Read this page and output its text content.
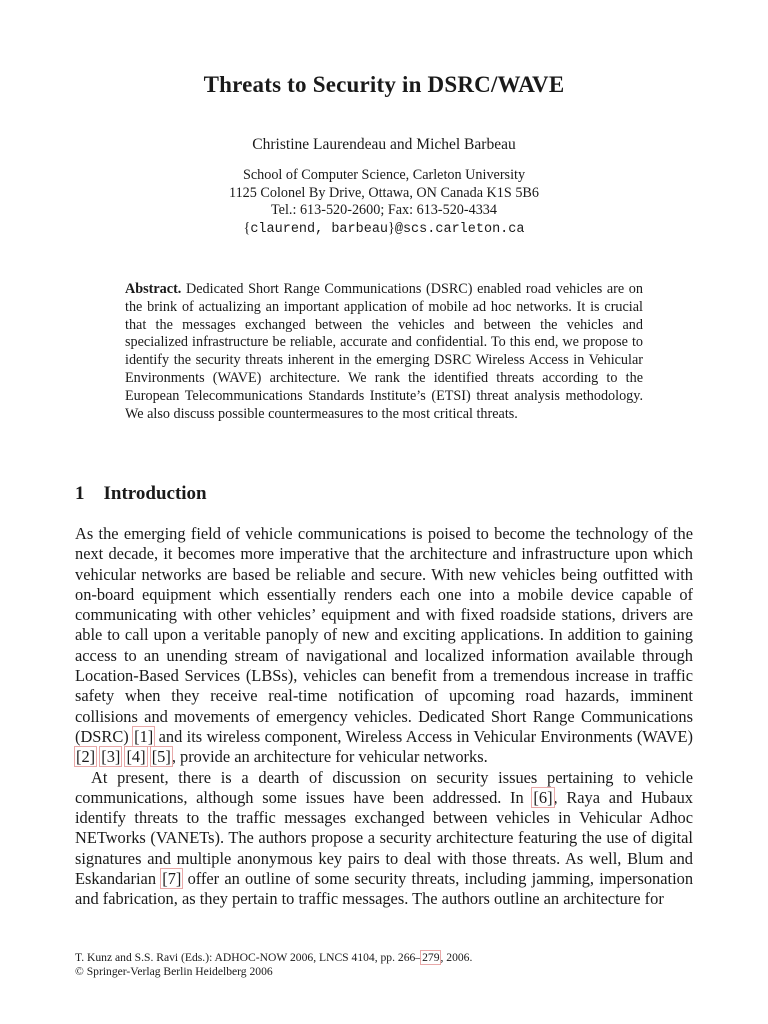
Threats to Security in DSRC/WAVE
Christine Laurendeau and Michel Barbeau
School of Computer Science, Carleton University
1125 Colonel By Drive, Ottawa, ON Canada K1S 5B6
Tel.: 613-520-2600; Fax: 613-520-4334
{claurend, barbeau}@scs.carleton.ca

Abstract. Dedicated Short Range Communications (DSRC) enabled road vehicles are on the brink of actualizing an important application of mobile ad hoc networks. It is crucial that the messages exchanged between the vehicles and between the vehicles and specialized infrastructure be reliable, accurate and confidential. To this end, we propose to identify the security threats inherent in the emerging DSRC Wireless Access in Vehicular Environments (WAVE) architecture. We rank the identified threats according to the European Telecommunications Standards Institute’s (ETSI) threat analysis methodology. We also discuss possible countermeasures to the most critical threats.

1 Introduction

As the emerging field of vehicle communications is poised to become the technology of the next decade, it becomes more imperative that the architecture and infrastructure upon which vehicular networks are based be reliable and secure. With new vehicles being outfitted with on-board equipment which essentially renders each one into a mobile device capable of communicating with other vehicles’ equipment and with fixed roadside stations, drivers are able to call upon a veritable panoply of new and exciting applications. In addition to gaining access to an unending stream of navigational and localized information available through Location-Based Services (LBSs), vehicles can benefit from a tremendous increase in traffic safety when they receive real-time notification of upcoming road hazards, imminent collisions and movements of emergency vehicles. Dedicated Short Range Communications (DSRC) [1] and its wireless component, Wireless Access in Vehicular Environments (WAVE) [2] [3] [4] [5], provide an architecture for vehicular networks.

At present, there is a dearth of discussion on security issues pertaining to vehicle communications, although some issues have been addressed. In [6], Raya and Hubaux identify threats to the traffic messages exchanged between vehicles in Vehicular Adhoc NETworks (VANETs). The authors propose a security architecture featuring the use of digital signatures and multiple anonymous key pairs to deal with those threats. As well, Blum and Eskandarian [7] offer an outline of some security threats, including jamming, impersonation and fabrication, as they pertain to traffic messages. The authors outline an architecture for

T. Kunz and S.S. Ravi (Eds.): ADHOC-NOW 2006, LNCS 4104, pp. 266–279, 2006.
© Springer-Verlag Berlin Heidelberg 2006
